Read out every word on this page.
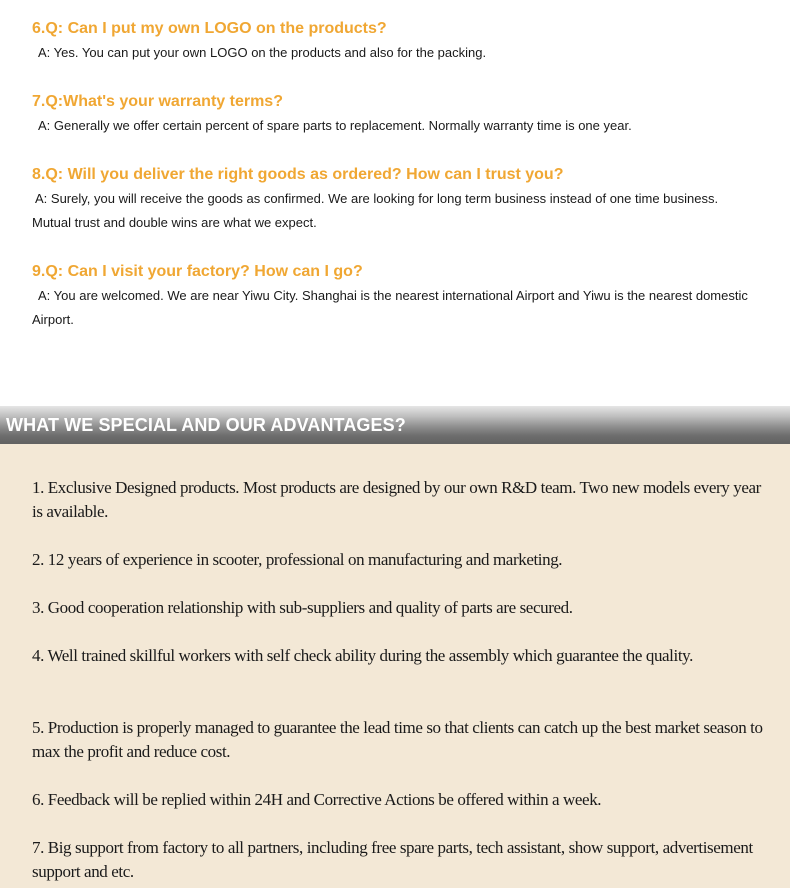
6.Q: Can I put my own LOGO on the products?
A: Yes. You can put your own LOGO on the products and also for the packing.
7.Q:What's your warranty terms?
A: Generally we offer certain percent of spare parts to replacement. Normally warranty time is one year.
8.Q: Will you deliver the right goods as ordered? How can I trust you?
A: Surely, you will receive the goods as confirmed. We are looking for long term business instead of one time business.
Mutual trust and double wins are what we expect.
9.Q: Can I visit your factory? How can I go?
A: You are welcomed. We are near Yiwu City. Shanghai is the nearest international Airport and Yiwu is the nearest domestic
Airport.
WHAT WE SPECIAL AND OUR ADVANTAGES?
1. Exclusive Designed products. Most products are designed by our own R&D team. Two new models every year is available.
2. 12 years of experience in scooter, professional on manufacturing and marketing.
3. Good cooperation relationship with sub-suppliers and quality of parts are secured.
4. Well trained skillful workers with self check ability during the assembly which guarantee the quality.
5. Production is properly managed to guarantee the lead time so that clients can catch up the best market season to max the profit and reduce cost.
6. Feedback will be replied within 24H and Corrective Actions be offered within a week.
7. Big support from factory to all partners, including free spare parts, tech assistant, show support, advertisement support and etc.
